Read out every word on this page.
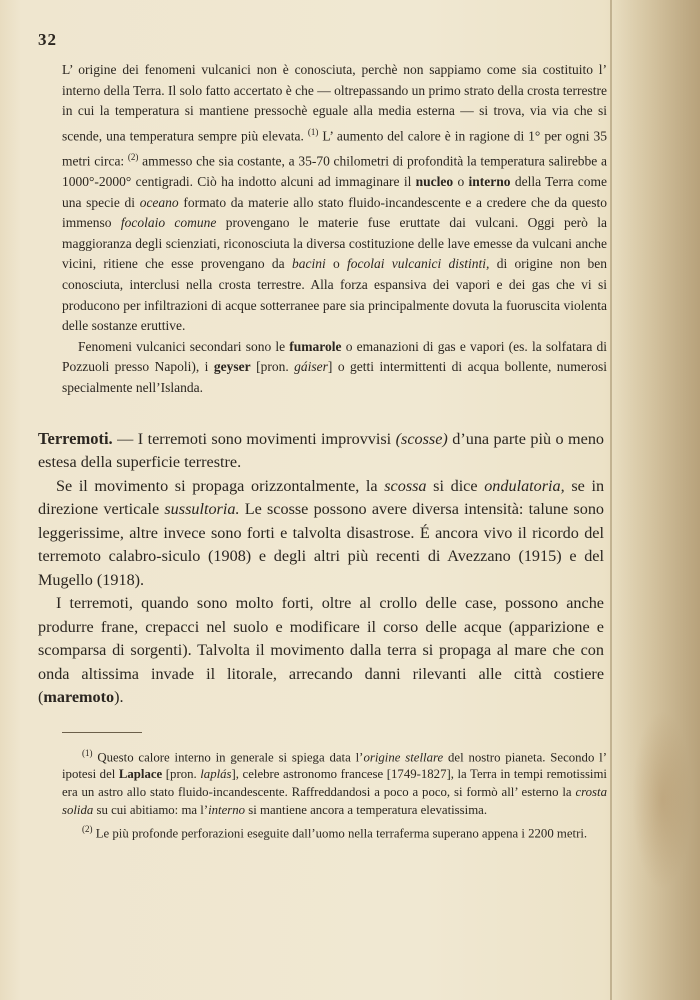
32

L’ origine dei fenomeni vulcanici non è conosciuta, perchè non sappiamo come sia costituito l’ interno della Terra. Il solo fatto accertato è che — oltrepassando un primo strato della crosta terrestre in cui la temperatura si mantiene pressochè eguale alla media esterna — si trova, via via che si scende, una temperatura sempre più elevata. $^{(1)}$ L’ aumento del calore è in ragione di 1° per ogni 35 metri circa: $^{(2)}$ ammesso che sia costante, a 35-70 chilometri di profondità la temperatura salirebbe a 1000°-2000° centigradi. Ciò ha indotto alcuni ad immaginare il nucleo o interno della Terra come una specie di oceano formato da materie allo stato fluido-incandescente e a credere che da questo immenso focolaio comune provengano le materie fuse eruttate dai vulcani. Oggi però la maggioranza degli scienziati, riconosciuta la diversa costituzione delle lave emesse da vulcani anche vicini, ritiene che esse provengano da bacini o focolai vulcanici distinti, di origine non ben conosciuta, interclusi nella crosta terrestre. Alla forza espansiva dei vapori e dei gas che vi si producono per infiltrazioni di acque sotterranee pare sia principalmente dovuta la fuoruscita violenta delle sostanze eruttive.

Fenomeni vulcanici secondari sono le fumarole o emanazioni di gas e vapori (es. la solfatara di Pozzuoli presso Napoli), i geyser [pron. gáiser] o getti intermittenti di acqua bollente, numerosi specialmente nell’Islanda.

Terremoti. — I terremoti sono movimenti improvvisi (scosse) d’una parte più o meno estesa della superficie terrestre.

Se il movimento si propaga orizzontalmente, la scossa si dice ondulatoria, se in direzione verticale sussultoria. Le scosse possono avere diversa intensità: talune sono leggerissime, altre invece sono forti e talvolta disastrose. É ancora vivo il ricordo del terremoto calabro-siculo (1908) e degli altri più recenti di Avezzano (1915) e del Mugello (1918).

I terremoti, quando sono molto forti, oltre al crollo delle case, possono anche produrre frane, crepacci nel suolo e modificare il corso delle acque (apparizione e scomparsa di sorgenti). Talvolta il movimento dalla terra si propaga al mare che con onda altissima invade il litorale, arrecando danni rilevanti alle città costiere (maremoto).

$^{(1)}$ Questo calore interno in generale si spiega data l’origine stellare del nostro pianeta. Secondo l’ ipotesi del Laplace [pron. laplás], celebre astronomo francese [1749-1827], la Terra in tempi remotissimi era un astro allo stato fluido-incandescente. Raffreddandosi a poco a poco, si formò all’ esterno la crosta solida su cui abitiamo: ma l’interno si mantiene ancora a temperatura elevatissima.

$^{(2)}$ Le più profonde perforazioni eseguite dall’uomo nella terraferma superano appena i 2200 metri.
